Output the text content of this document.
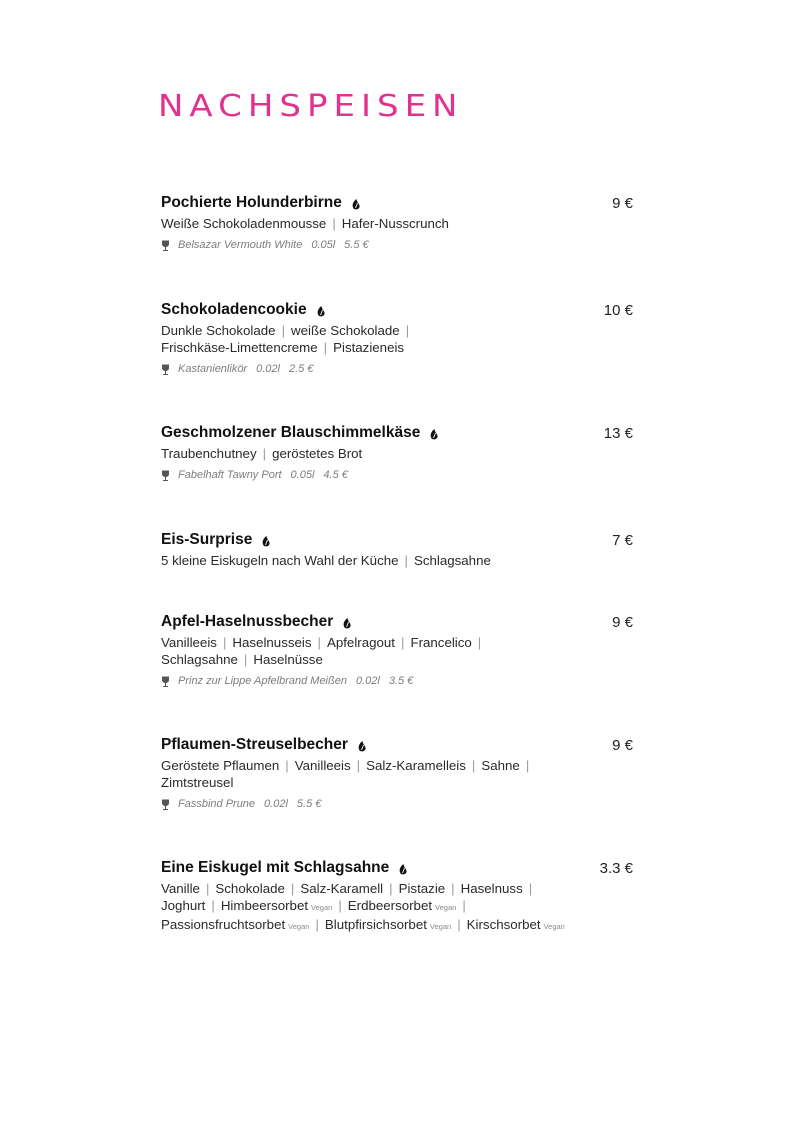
NACHSPEISEN
Pochierte Holunderbirne	9 €
Weiße Schokoladenmousse | Hafer-Nusscrunch
Belsazar Vermouth White 0.05l 5.5 €
Schokoladencookie	10 €
Dunkle Schokolade | weiße Schokolade |
Frischkäse-Limettencreme | Pistazieneis
Kastanienlikör 0.02l 2.5 €
Geschmolzener Blauschimmelkäse	13 €
Traubenchutney | geröstetes Brot
Fabelhaft Tawny Port 0.05l 4.5 €
Eis-Surprise	7 €
5 kleine Eiskugeln nach Wahl der Küche | Schlagsahne
Apfel-Haselnussbecher	9 €
Vanilleeis | Haselnusseis | Apfelragout | Francelico |
Schlagsahne | Haselnüsse
Prinz zur Lippe Apfelbrand Meißen 0.02l 3.5 €
Pflaumen-Streuselbecher	9 €
Geröstete Pflaumen | Vanilleeis | Salz-Karamelleis | Sahne |
Zimtstreusel
Fassbind Prune 0.02l 5.5 €
Eine Eiskugel mit Schlagsahne	3.3 €
Vanille | Schokolade | Salz-Karamell | Pistazie | Haselnuss |
Joghurt | Himbeersorbet Vegan | Erdbeersorbet Vegan |
Passionsfruchtsorbet Vegan | Blutpfirsichsorbet Vegan | Kirschsorbet Vegan
